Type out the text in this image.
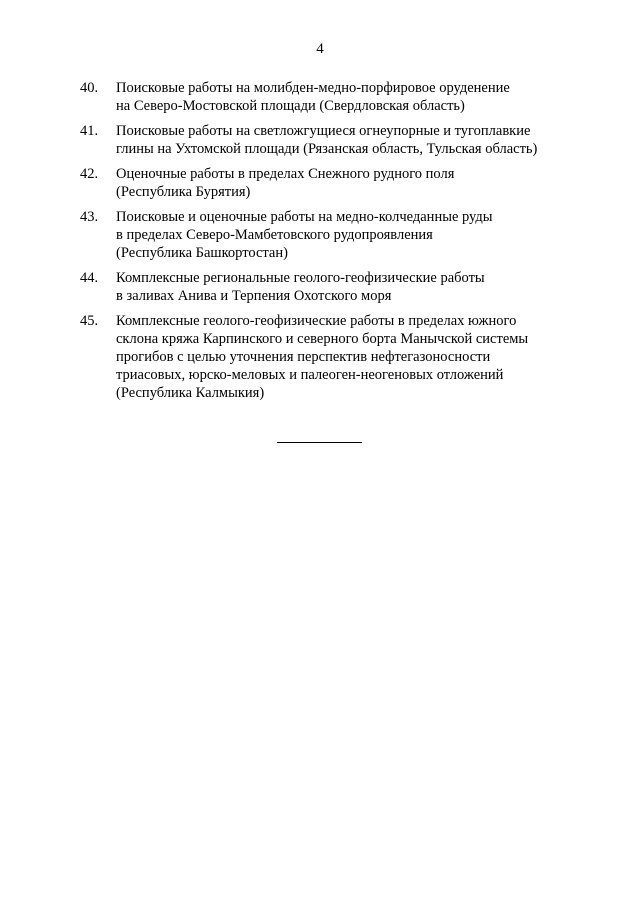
4
40.	Поисковые работы на молибден-медно-порфировое оруденение
на Северо-Мостовской площади (Свердловская область)
41.	Поисковые работы на светложгущиеся огнеупорные и тугоплавкие
глины на Ухтомской площади (Рязанская область, Тульская область)
42.	Оценочные работы в пределах Снежного рудного поля
(Республика Бурятия)
43.	Поисковые и оценочные работы на медно-колчеданные руды
в пределах Северо-Мамбетовского рудопроявления
(Республика Башкортостан)
44.	Комплексные региональные геолого-геофизические работы
в заливах Анива и Терпения Охотского моря
45.	Комплексные геолого-геофизические работы в пределах южного
склона кряжа Карпинского и северного борта Манычской системы
прогибов с целью уточнения перспектив нефтегазоносности
триасовых, юрско-меловых и палеоген-неогеновых отложений
(Республика Калмыкия)
